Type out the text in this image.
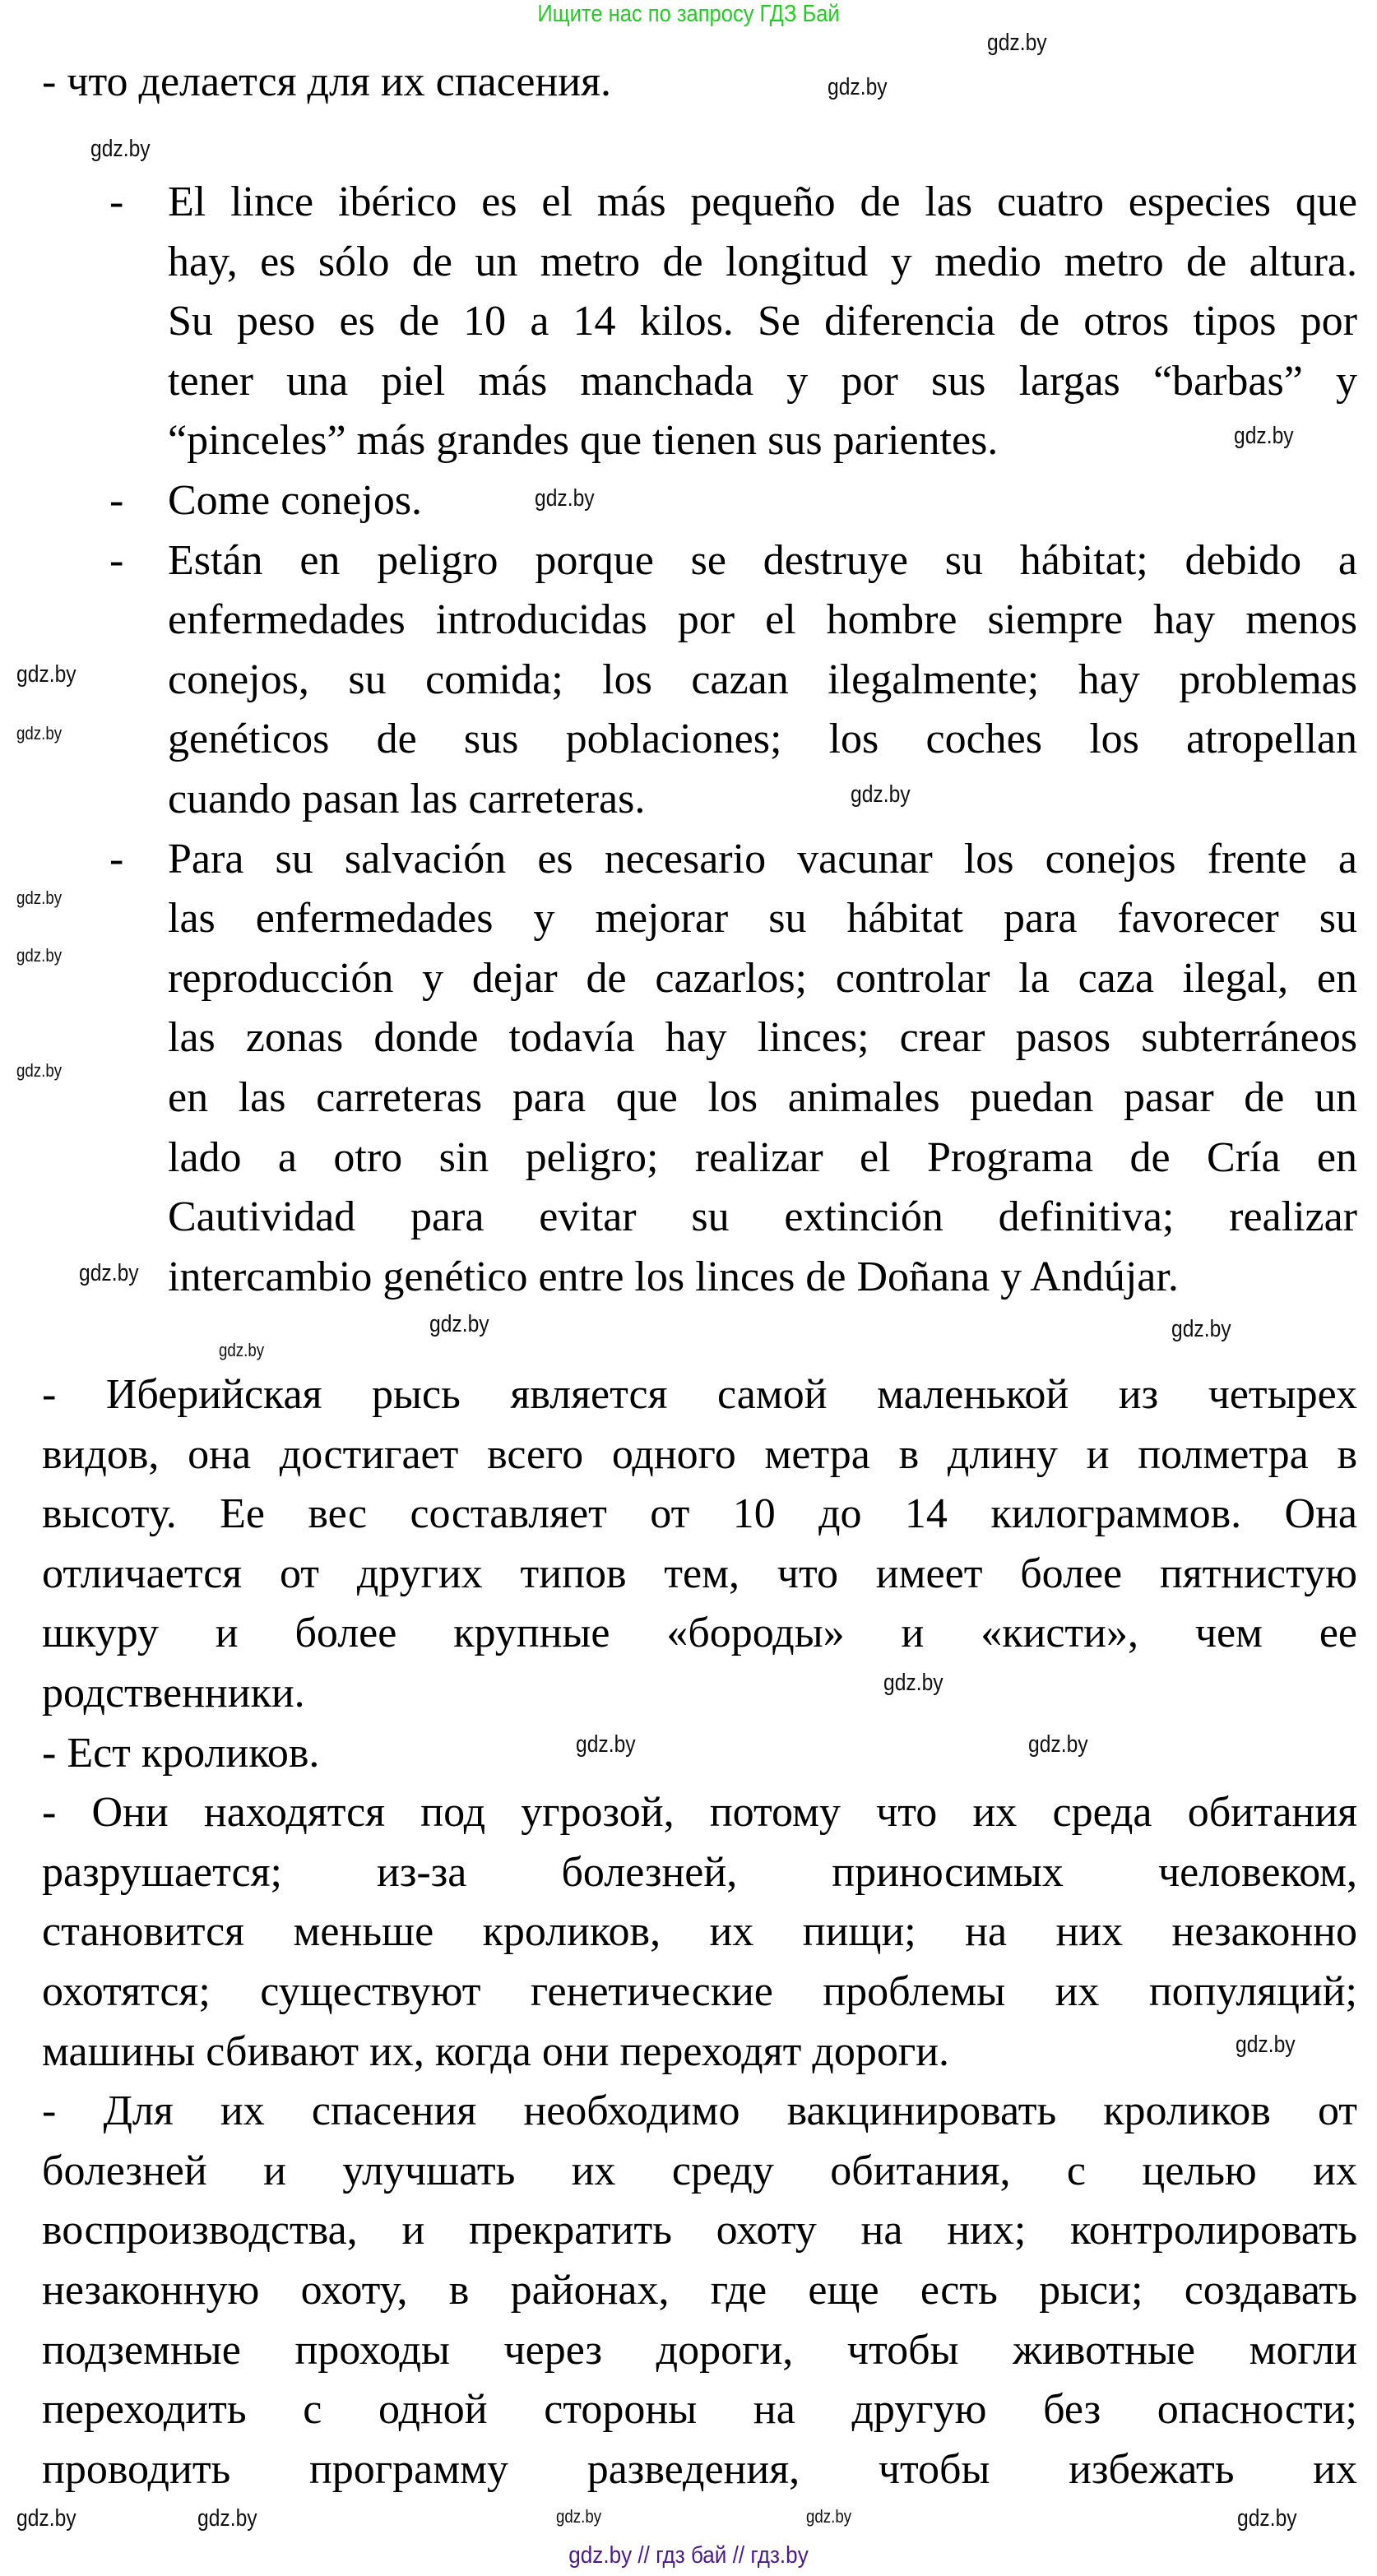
Ищите нас по запросу ГДЗ Бай
- что делается для их спасения.
- El lince ibérico es el más pequeño de las cuatro especies que
hay, es sólo de un metro de longitud y medio metro de altura.
Su peso es de 10 a 14 kilos. Se diferencia de otros tipos por
tener una piel más manchada y por sus largas “barbas” y
“pinceles” más grandes que tienen sus parientes.
- Come conejos.
- Están en peligro porque se destruye su hábitat; debido a
enfermedades introducidas por el hombre siempre hay menos
conejos, su comida; los cazan ilegalmente; hay problemas
genéticos de sus poblaciones; los coches los atropellan
cuando pasan las carreteras.
- Para su salvación es necesario vacunar los conejos frente a
las enfermedades y mejorar su hábitat para favorecer su
reproducción y dejar de cazarlos; controlar la caza ilegal, en
las zonas donde todavía hay linces; crear pasos subterráneos
en las carreteras para que los animales puedan pasar de un
lado a otro sin peligro; realizar el Programa de Cría en
Cautividad para evitar su extinción definitiva; realizar
intercambio genético entre los linces de Doñana y Andújar.
- Иберийская рысь является самой маленькой из четырех
видов, она достигает всего одного метра в длину и полметра в
высоту. Ее вес составляет от 10 до 14 килограммов. Она
отличается от других типов тем, что имеет более пятнистую
шкуру и более крупные «бороды» и «кисти», чем ее
родственники.
- Ест кроликов.
- Они находятся под угрозой, потому что их среда обитания
разрушается; из-за болезней, приносимых человеком,
становится меньше кроликов, их пищи; на них незаконно
охотятся; существуют генетические проблемы их популяций;
машины сбивают их, когда они переходят дороги.
- Для их спасения необходимо вакцинировать кроликов от
болезней и улучшать их среду обитания, с целью их
воспроизводства, и прекратить охоту на них; контролировать
незаконную охоту, в районах, где еще есть рыси; создавать
подземные проходы через дороги, чтобы животные могли
переходить с одной стороны на другую без опасности;
проводить программу разведения, чтобы избежать их
gdz.by
gdz.by
gdz.by
gdz.by
gdz.by
gdz.by
gdz.by
gdz.by
gdz.by
gdz.by
gdz.by
gdz.by
gdz.by	gdz.by
gdz.by
gdz.by
gdz.by	gdz.by
gdz.by
gdz.by	gdz.by	gdz.by
gdz.by
gdz.by
gdz.by // гдз бай // гдз.by
